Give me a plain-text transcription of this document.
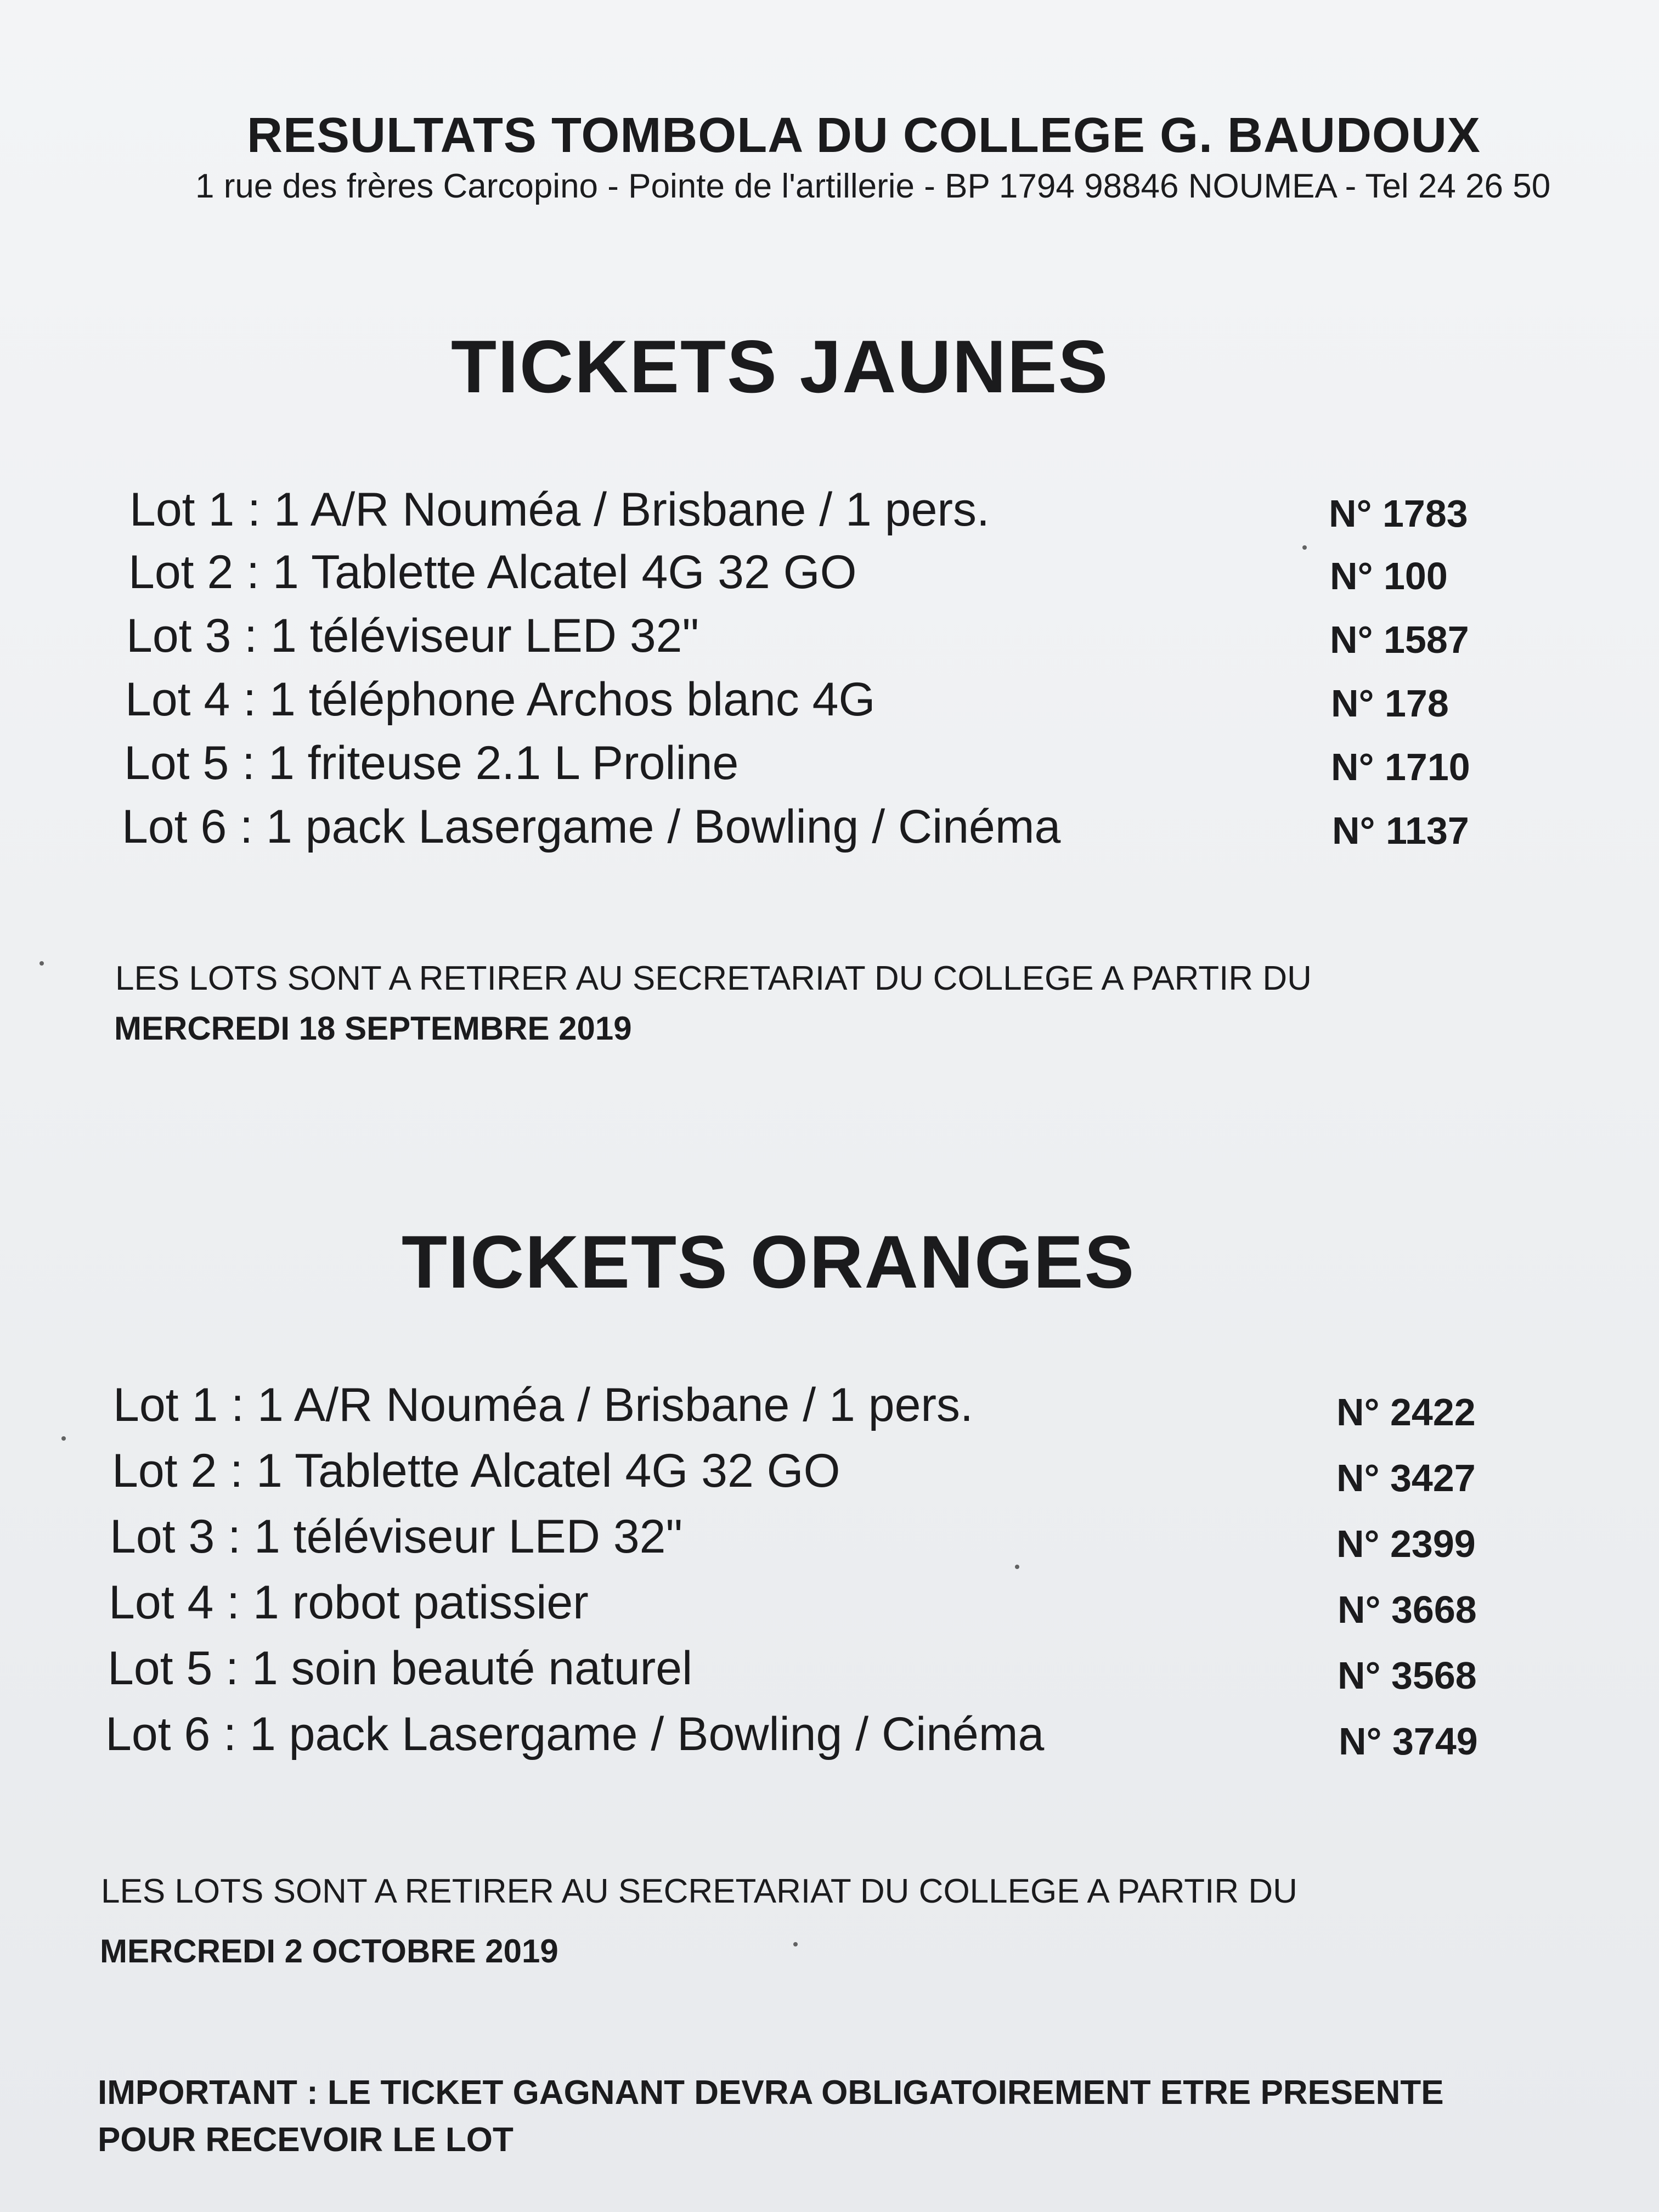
RESULTATS TOMBOLA DU COLLEGE G. BAUDOUX
1 rue des frères Carcopino - Pointe de l'artillerie - BP 1794 98846 NOUMEA - Tel 24 26 50
TICKETS JAUNES
Lot 1 : 1 A/R Nouméa / Brisbane / 1 pers.	N° 1783
Lot 2 : 1 Tablette Alcatel 4G 32 GO	N° 100
Lot 3 : 1 téléviseur LED 32"	N° 1587
Lot 4 : 1 téléphone Archos blanc 4G	N° 178
Lot 5 : 1 friteuse 2.1 L Proline	N° 1710
Lot 6 : 1 pack Lasergame / Bowling / Cinéma	N° 1137
LES LOTS SONT A RETIRER AU SECRETARIAT DU COLLEGE A PARTIR DU
MERCREDI 18 SEPTEMBRE 2019
TICKETS ORANGES
Lot 1 : 1 A/R Nouméa / Brisbane / 1 pers.	N° 2422
Lot 2 : 1 Tablette Alcatel 4G 32 GO	N° 3427
Lot 3 : 1 téléviseur LED 32"	N° 2399
Lot 4 : 1 robot patissier	N° 3668
Lot 5 : 1 soin beauté naturel	N° 3568
Lot 6 : 1 pack Lasergame / Bowling / Cinéma	N° 3749
LES LOTS SONT A RETIRER AU SECRETARIAT DU COLLEGE A PARTIR DU
MERCREDI 2 OCTOBRE 2019
IMPORTANT : LE TICKET GAGNANT DEVRA OBLIGATOIREMENT ETRE PRESENTE
POUR RECEVOIR LE LOT
